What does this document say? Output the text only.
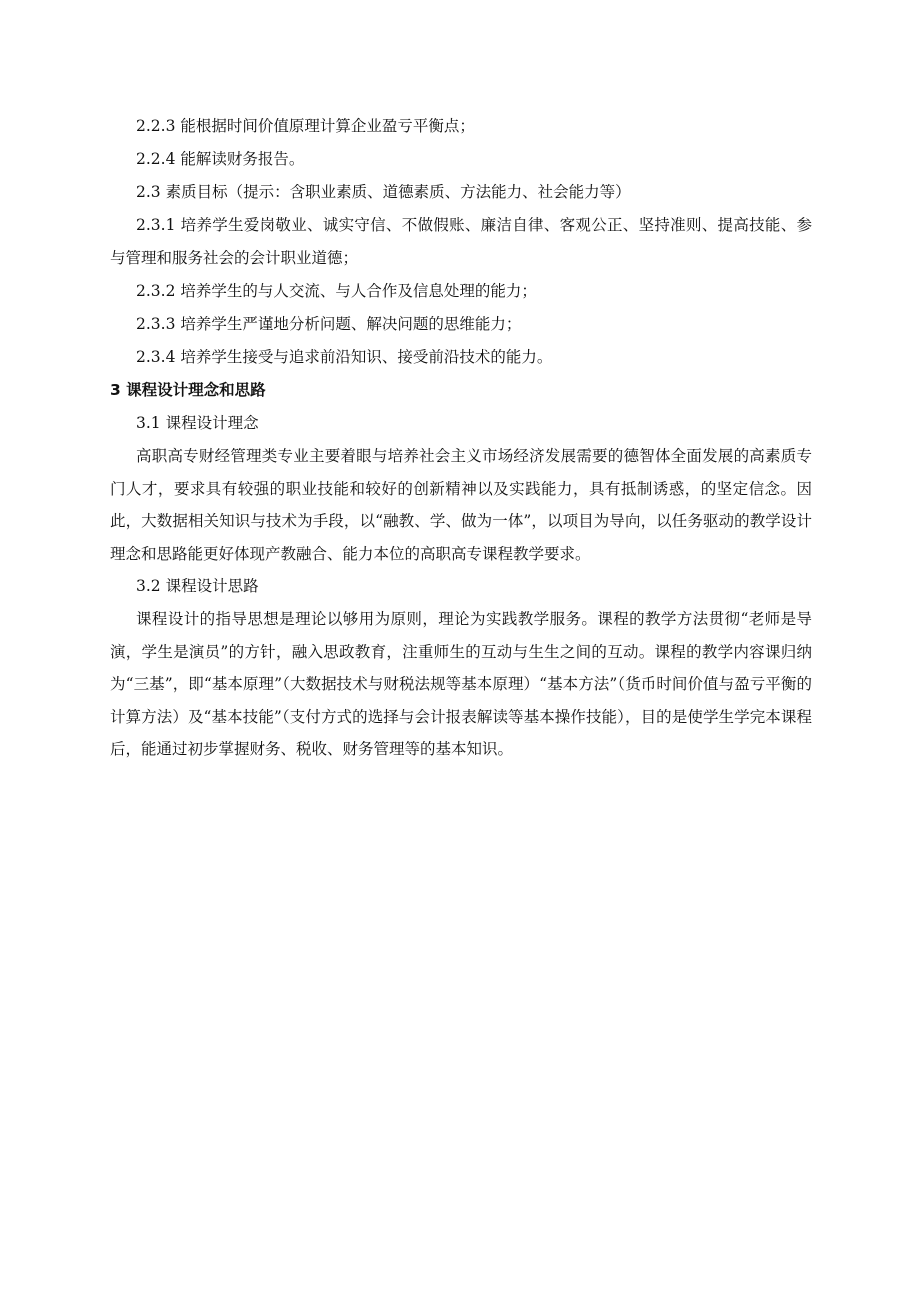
2.2.3 能根据时间价值原理计算企业盈亏平衡点；

2.2.4 能解读财务报告。

2.3 素质目标（提示：含职业素质、道德素质、方法能力、社会能力等）

2.3.1 培养学生爱岗敬业、诚实守信、不做假账、廉洁自律、客观公正、坚持准则、提高技能、参与管理和服务社会的会计职业道德；

2.3.2 培养学生的与人交流、与人合作及信息处理的能力；

2.3.3 培养学生严谨地分析问题、解决问题的思维能力；

2.3.4 培养学生接受与追求前沿知识、接受前沿技术的能力。

3 课程设计理念和思路

3.1 课程设计理念

高职高专财经管理类专业主要着眼与培养社会主义市场经济发展需要的德智体全面发展的高素质专门人才，要求具有较强的职业技能和较好的创新精神以及实践能力，具有抵制诱惑，的坚定信念。因此，大数据相关知识与技术为手段，以“融教、学、做为一体”，以项目为导向，以任务驱动的教学设计理念和思路能更好体现产教融合、能力本位的高职高专课程教学要求。

3.2 课程设计思路

课程设计的指导思想是理论以够用为原则，理论为实践教学服务。课程的教学方法贯彻“老师是导演，学生是演员”的方针，融入思政教育，注重师生的互动与生生之间的互动。课程的教学内容课归纳为“三基”，即“基本原理”（大数据技术与财税法规等基本原理）“基本方法”（货币时间价值与盈亏平衡的计算方法）及“基本技能”（支付方式的选择与会计报表解读等基本操作技能），目的是使学生学完本课程后，能通过初步掌握财务、税收、财务管理等的基本知识。
